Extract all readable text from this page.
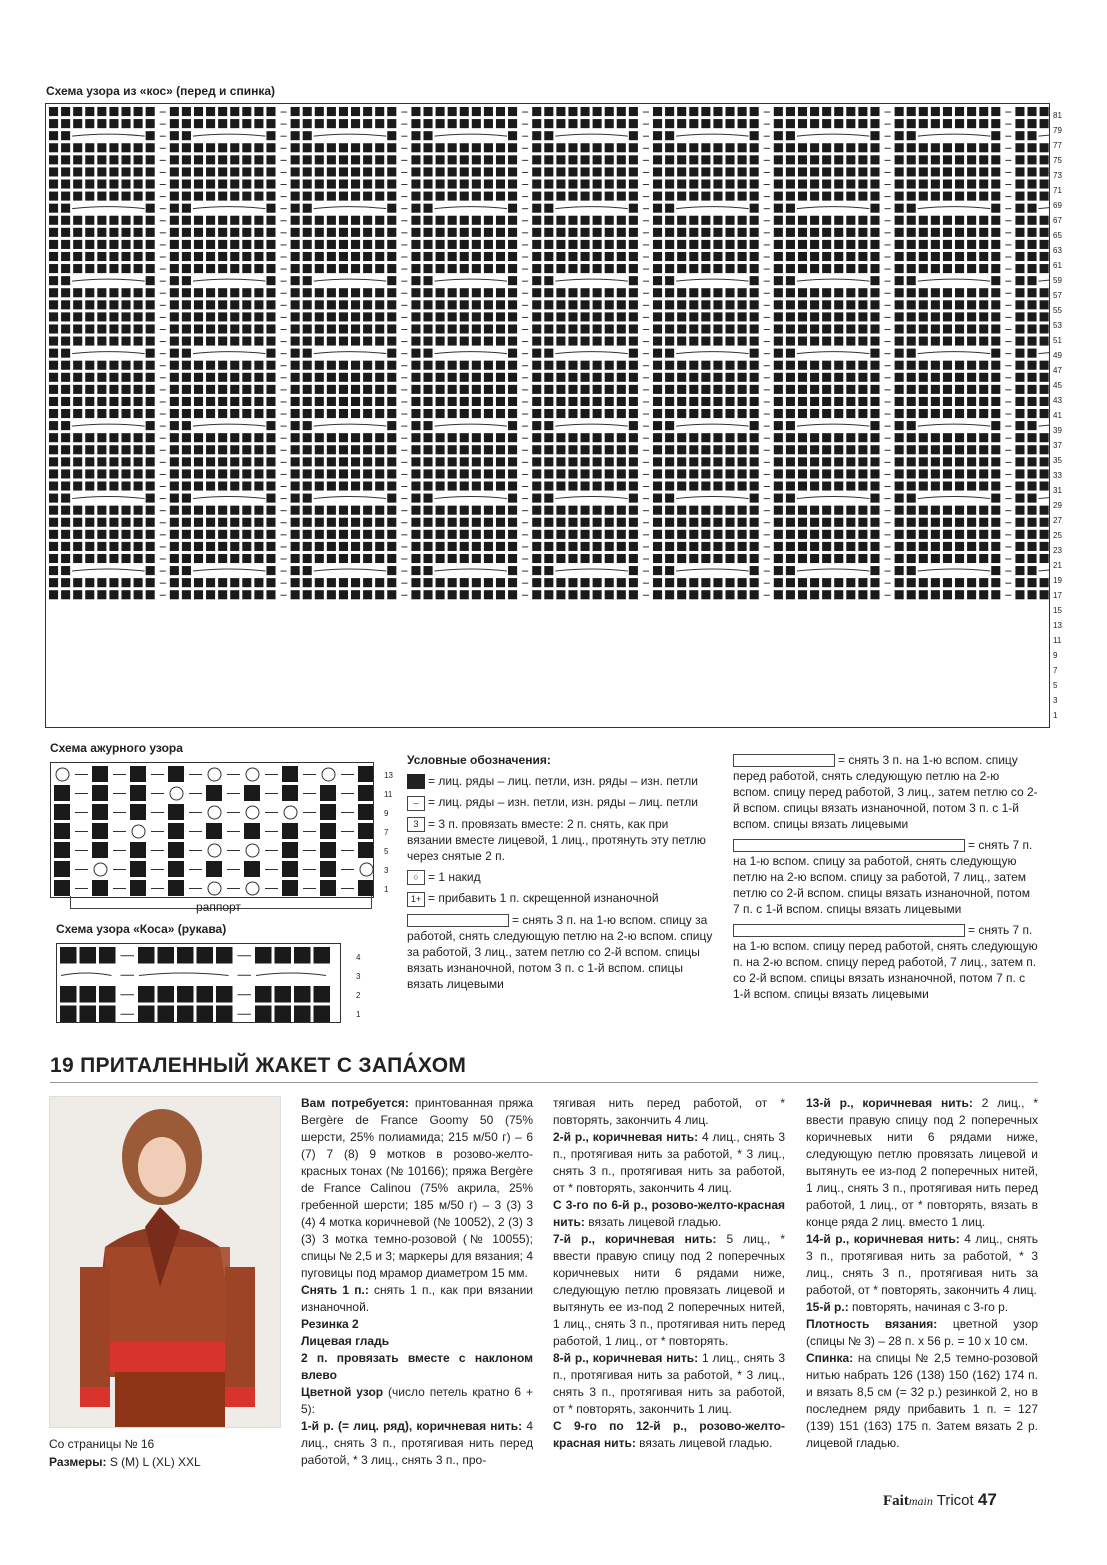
Схема узора из «кос» (перед и спинка)
81
79
77
75
73
71
69
67
65
63
61
59
57
55
53
51
49
47
45
43
41
39
37
35
33
31
29
27
25
23
21
19
17
15
13
11
9
7
5
3
1
Схема ажурного узора
13
11
9
7
5
3
1
раппорт
Схема узора «Коса» (рукава)
4
3
2
1

Условные обозначения:

= лиц. ряды – лиц. петли, изн. ряды – изн. петли

– = лиц. ряды – изн. петли, изн. ряды – лиц. петли

3 = 3 п. провязать вместе: 2 п. снять, как при вязании вместе лицевой, 1 лиц., протянуть эту петлю через снятые 2 п.

○ = 1 накид

1+ = прибавить 1 п. скрещенной изнаночной

= снять 3 п. на 1-ю вспом. спицу за работой, снять следующую петлю на 2-ю вспом. спицу за работой, 3 лиц., затем петлю со 2-й вспом. спицы вязать изнаночной, потом 3 п. с 1-й вспом. спицы вязать лицевыми

= снять 3 п. на 1-ю вспом. спицу перед работой, снять следующую петлю на 2-ю вспом. спицу перед работой, 3 лиц., затем петлю со 2-й вспом. спицы вязать изнаночной, потом 3 п. с 1-й вспом. спицы вязать лицевыми

= снять 7 п. на 1-ю вспом. спицу за работой, снять следующую петлю на 2-ю вспом. спицу за работой, 7 лиц., затем петлю со 2-й вспом. спицы вязать изнаночной, потом 7 п. с 1-й вспом. спицы вязать лицевыми

= снять 7 п. на 1-ю вспом. спицу перед работой, снять следующую п. на 2-ю вспом. спицу перед работой, 7 лиц., затем п. со 2-й вспом. спицы вязать изнаночной, потом 7 п. с 1-й вспом. спицы вязать лицевыми

19 ПРИТАЛЕННЫЙ ЖАКЕТ С ЗАПА́ХОМ
Со страницы № 16
Размеры: S (M) L (XL) XXL

Вам потребуется: принтованная пряжа Bergère de France Goomy 50 (75% шерсти, 25% полиамида; 215 м/50 г) – 6 (7) 7 (8) 9 мотков в розово-желто-красных тонах (№ 10166); пряжа Bergère de France Calinou (75% акрила, 25% гребенной шерсти; 185 м/50 г) – 3 (3) 3 (4) 4 мотка коричневой (№ 10052), 2 (3) 3 (3) 3 мотка темно-розовой (№ 10055); спицы № 2,5 и 3; маркеры для вязания; 4 пуговицы под мрамор диаметром 15 мм.

Снять 1 п.: снять 1 п., как при вязании изнаночной.

Резинка 2

Лицевая гладь

2 п. провязать вместе с наклоном влево

Цветной узор (число петель кратно 6 + 5):

1-й р. (= лиц. ряд), коричневая нить: 4 лиц., снять 3 п., протягивая нить перед работой, * 3 лиц., снять 3 п., про-

тягивая нить перед работой, от * повторять, закончить 4 лиц.

2-й р., коричневая нить: 4 лиц., снять 3 п., протягивая нить за работой, * 3 лиц., снять 3 п., протягивая нить за работой, от * повторять, закончить 4 лиц.

С 3-го по 6-й р., розово-желто-красная нить: вязать лицевой гладью.

7-й р., коричневая нить: 5 лиц., * ввести правую спицу под 2 поперечных коричневых нити 6 рядами ниже, следующую петлю провязать лицевой и вытянуть ее из-под 2 поперечных нитей, 1 лиц., снять 3 п., протягивая нить перед работой, 1 лиц., от * повторять.

8-й р., коричневая нить: 1 лиц., снять 3 п., протягивая нить за работой, * 3 лиц., снять 3 п., протягивая нить за работой, от * повторять, закончить 1 лиц.

С 9-го по 12-й р., розово-желто-красная нить: вязать лицевой гладью.

13-й р., коричневая нить: 2 лиц., * ввести правую спицу под 2 поперечных коричневых нити 6 рядами ниже, следующую петлю провязать лицевой и вытянуть ее из-под 2 поперечных нитей, 1 лиц., снять 3 п., протягивая нить перед работой, 1 лиц., от * повторять, вязать в конце ряда 2 лиц. вместо 1 лиц.

14-й р., коричневая нить: 4 лиц., снять 3 п., протягивая нить за работой, * 3 лиц., снять 3 п., протягивая нить за работой, от * повторять, закончить 4 лиц.

15-й р.: повторять, начиная с 3-го р.

Плотность вязания: цветной узор (спицы № 3) – 28 п. х 56 р. = 10 х 10 см.

Спинка: на спицы № 2,5 темно-розовой нитью набрать 126 (138) 150 (162) 174 п. и вязать 8,5 см (= 32 р.) резинкой 2, но в последнем ряду прибавить 1 п. = 127 (139) 151 (163) 175 п. Затем вязать 2 р. лицевой гладью.

Faitmain Tricot 47
